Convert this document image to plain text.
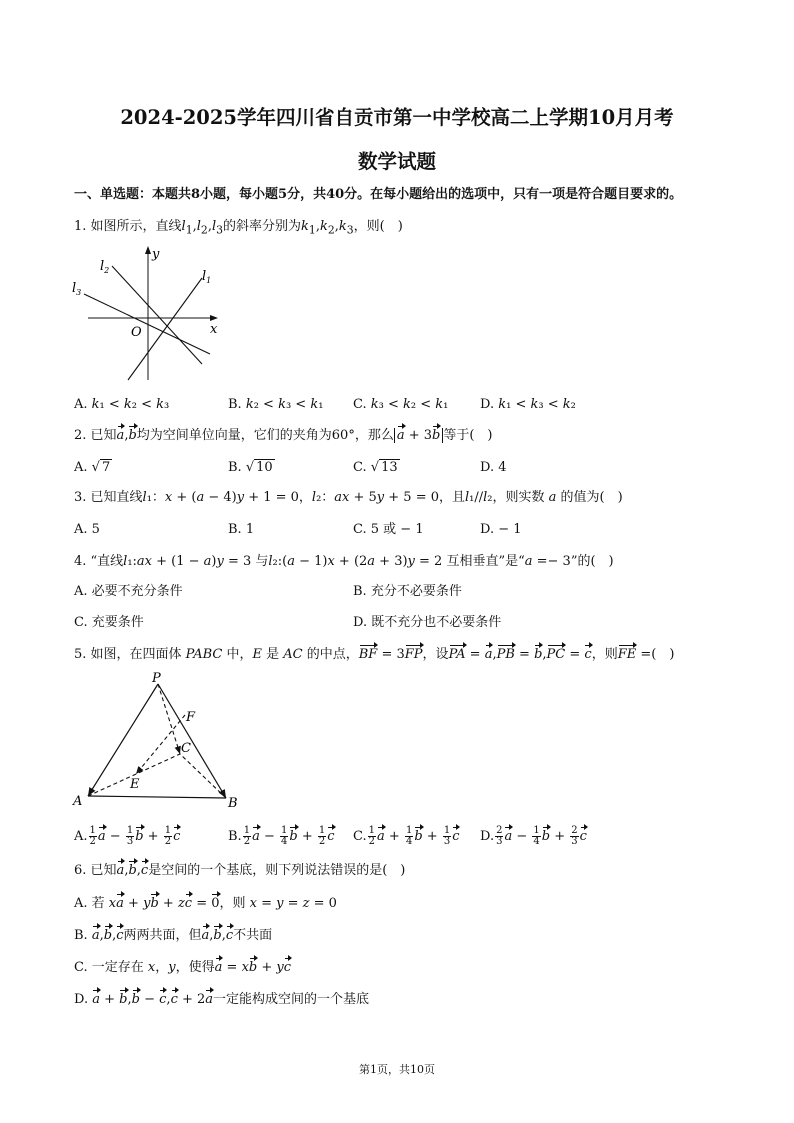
2024-2025学年四川省自贡市第一中学校高二上学期10月月考
数学试题
一、单选题：本题共8小题，每小题5分，共40分。在每小题给出的选项中，只有一项是符合题目要求的。
1. 如图所示，直线$l_1,l_2,l_3$的斜率分别为$k_1,k_2,k_3$，则(　)
y
x
O
$l_1$
$l_2$
$l_3$
A. 𝑘₁ < 𝑘₂ < 𝑘₃	B. 𝑘₂ < 𝑘₃ < 𝑘₁ C. 𝑘₃ < 𝑘₂ < 𝑘₁ D. 𝑘₁ < 𝑘₃ < 𝑘₂
2. 已知a,b均为空间单位向量，它们的夹角为60°，那么 a + 3b 等于(　)
A. √ 7	B. √ 10	C. √ 13	D. 4
3. 已知直线𝑙₁：𝑥 + (𝑎 − 4)𝑦 + 1 = 0，𝑙₂：𝑎𝑥 + 5𝑦 + 5 = 0，且𝑙₁//𝑙₂，则实数 𝑎 的值为(　)
A. 5	B. 1	C. 5 或 − 1	D. − 1
4. “直线𝑙₁:𝑎𝑥 + (1 − 𝑎)𝑦 = 3 与𝑙₂:(𝑎 − 1)𝑥 + (2𝑎 + 3)𝑦 = 2 互相垂直”是“𝑎 =− 3”的(　)
A. 必要不充分条件	B. 充分不必要条件
C. 充要条件	D. 既不充分也不必要条件
5. 如图，在四面体 PABC 中，E 是 AC 的中点，BF = 3FP，设PA = a,PB = b,PC = c，则FE =(　)
P
F
C
E
A	B
A. $\frac{1}{2}$ $a - \frac{1}{3}$ $b + \frac{1}{2}$ c	B. $\frac{1}{2}$ $a - \frac{1}{4}$ $b + \frac{1}{2}$ c C. $\frac{1}{2}$ $a + \frac{1}{4}$ $b + \frac{1}{3}$ c D. $\frac{2}{3}$ $a - \frac{1}{4}$ $b + \frac{2}{3}$ c
6. 已知a,b,c是空间的一个基底，则下列说法错误的是(　)
A. 若 xa + yb + zc = 0，则 𝑥 = 𝑦 = 𝑧 = 0
B. a,b,c两两共面，但a,b,c不共面
C. 一定存在 x，y，使得a = xb + yc
D. a + b,b − c,c + 2a一定能构成空间的一个基底
第1页，共10页
